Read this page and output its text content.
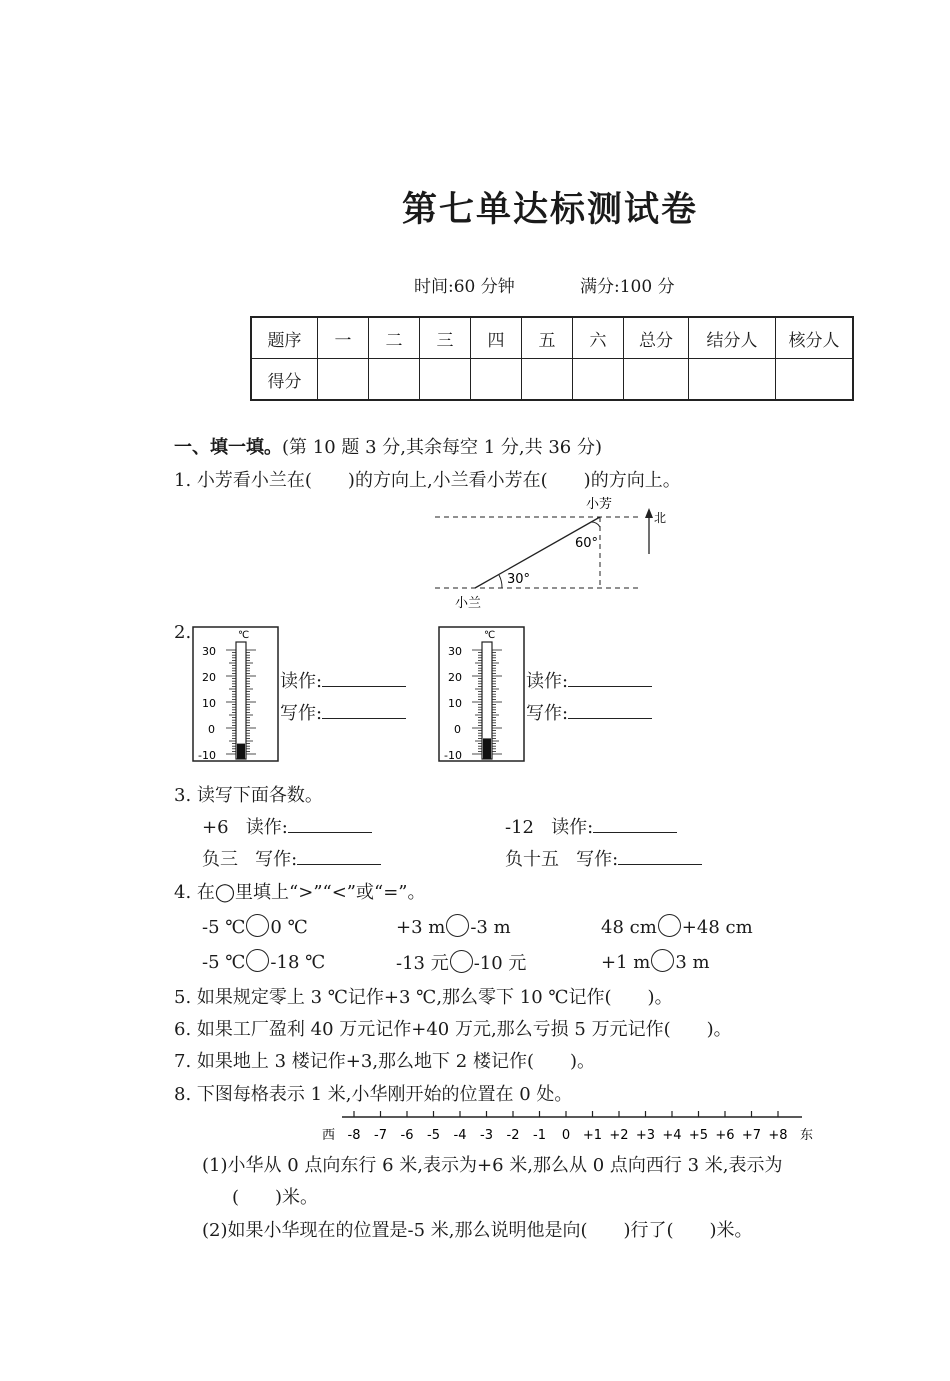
第七单达标测试卷
时间:60 分钟	满分:100 分
题序	一	二	三	四	五	六	总分	结分人	核分人
得分									
一、填一填。(第 10 题 3 分,其余每空 1 分,共 36 分)
1. 小芳看小兰在(　　)的方向上,小兰看小芳在(　　)的方向上。
小芳
小兰
60°
30°
北
2.	℃
30
20
10
0
-10
读作:
写作:
℃
30
20
10
0
-10
读作:
写作:
3. 读写下面各数。
+6 读作:	-12 读作:
负三 写作:	负十五 写作:
4. 在◯里填上“>”“<”或“=”。
-5 ℃ 0 ℃	+3 m -3 m	48 cm +48 cm
-5 ℃ -18 ℃	-13 元 -10 元	+1 m 3 m
5. 如果规定零上 3 ℃记作+3 ℃,那么零下 10 ℃记作(　　)。
6. 如果工厂盈利 40 万元记作+40 万元,那么亏损 5 万元记作(　　)。
7. 如果地上 3 楼记作+3,那么地下 2 楼记作(　　)。
8. 下图每格表示 1 米,小华刚开始的位置在 0 处。
-8 -7 -6 -5 -4 -3 -2 -1 0 +1 +2 +3 +4 +5 +6 +7 +8
西	东
(1)小华从 0 点向东行 6 米,表示为+6 米,那么从 0 点向西行 3 米,表示为
(　　)米。
(2)如果小华现在的位置是-5 米,那么说明他是向(　　)行了(　　)米。
